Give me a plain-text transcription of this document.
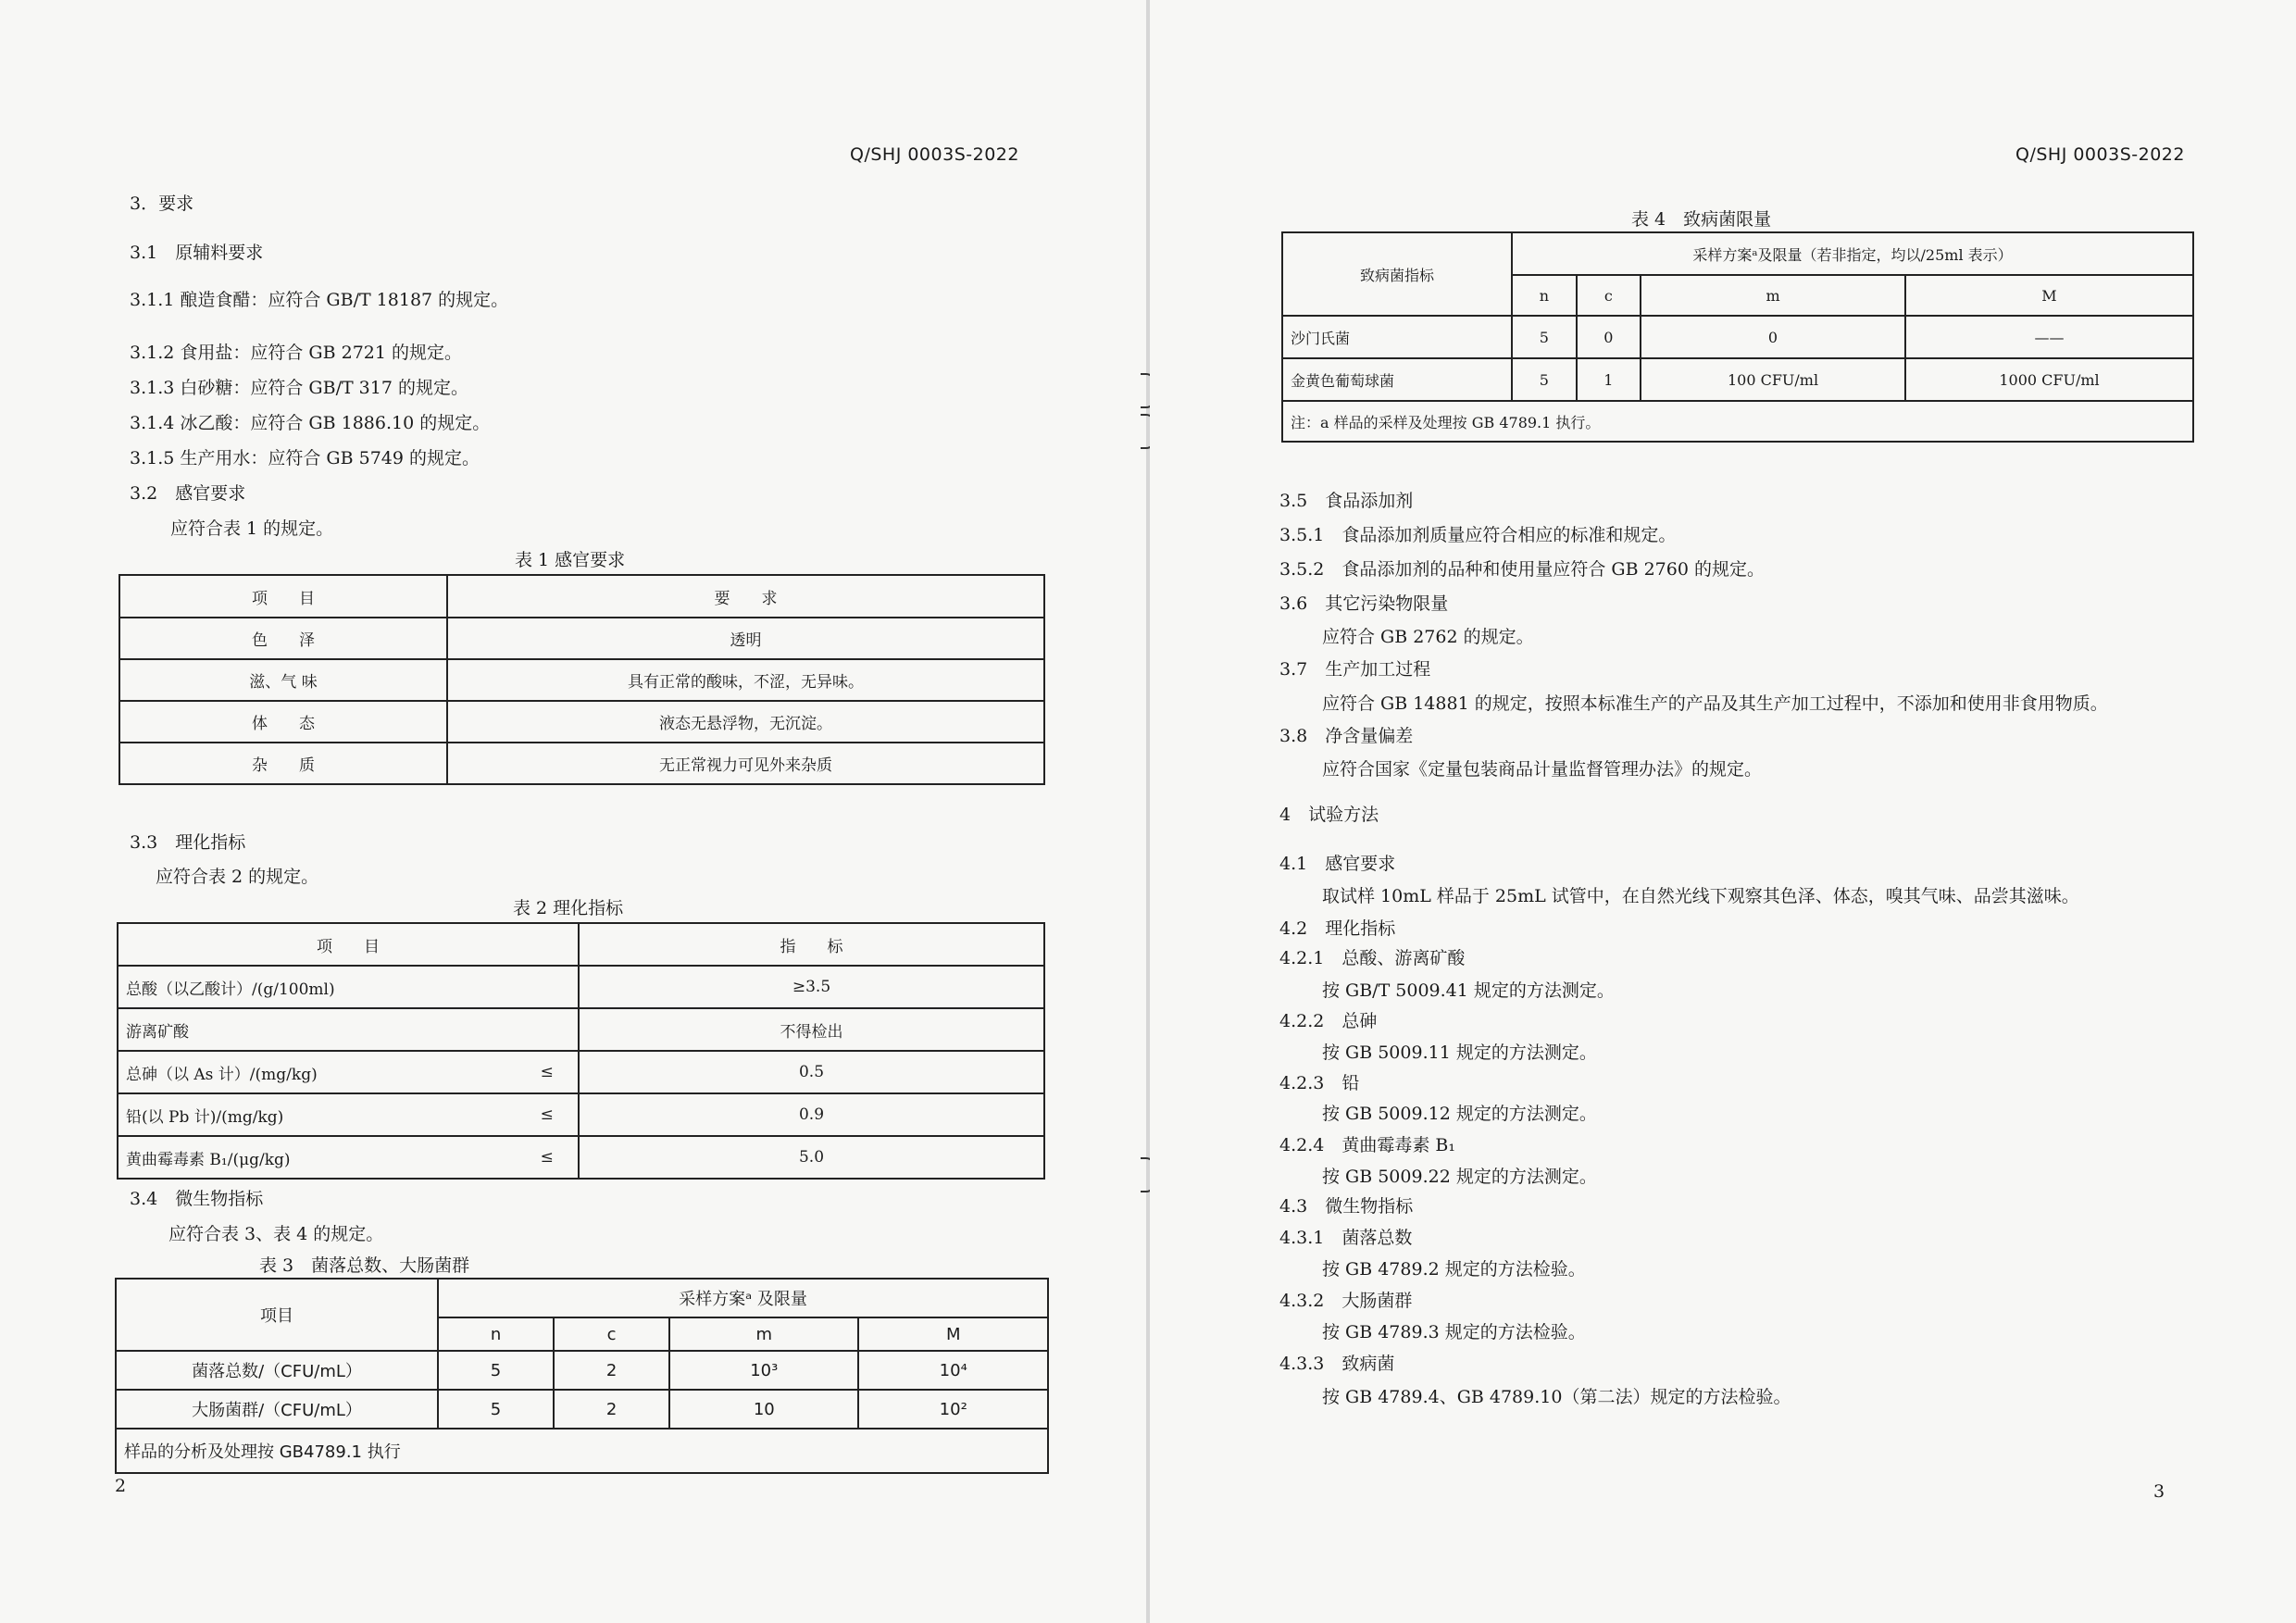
Q/SHJ 0003S-2022
3．要求
3.1　原辅料要求
3.1.1 酿造食醋：应符合 GB/T 18187 的规定。
3.1.2 食用盐：应符合 GB 2721 的规定。
3.1.3 白砂糖：应符合 GB/T 317 的规定。
3.1.4 冰乙酸：应符合 GB 1886.10 的规定。
3.1.5 生产用水：应符合 GB 5749 的规定。
3.2　感官要求
应符合表 1 的规定。
表 1 感官要求
项　　目	要　　求
色　　泽	透明
滋、气 味	具有正常的酸味，不涩，无异味。
体　　态	液态无悬浮物，无沉淀。
杂　　质	无正常视力可见外来杂质
3.3　理化指标
应符合表 2 的规定。
表 2 理化指标
项　　目		指　　标
总酸（以乙酸计）/(g/100ml)		≥3.5
游离矿酸		不得检出
总砷（以 As 计）/(mg/kg)	≤	0.5
铅(以 Pb 计)/(mg/kg)	≤	0.9
黄曲霉毒素 B₁/(μg/kg)	≤	5.0
3.4　微生物指标
应符合表 3、表 4 的规定。
表 3　菌落总数、大肠菌群
项目	采样方案ᵃ 及限量			
	n	c	m	M
菌落总数/（CFU/mL）	5	2	10³	10⁴
大肠菌群/（CFU/mL）	5	2	10	10²
样品的分析及处理按 GB4789.1 执行				
2
Q/SHJ 0003S-2022
表 4　致病菌限量
致病菌指标	采样方案ᵃ及限量（若非指定，均以/25ml 表示）			
	n	c	m	M
沙门氏菌	5	0	0	——
金黄色葡萄球菌	5	1	100 CFU/ml	1000 CFU/ml
注：a 样品的采样及处理按 GB 4789.1 执行。				
3.5　食品添加剂
3.5.1　食品添加剂质量应符合相应的标准和规定。
3.5.2　食品添加剂的品种和使用量应符合 GB 2760 的规定。
3.6　其它污染物限量
应符合 GB 2762 的规定。
3.7　生产加工过程
应符合 GB 14881 的规定，按照本标准生产的产品及其生产加工过程中，不添加和使用非食用物质。
3.8　净含量偏差
应符合国家《定量包装商品计量监督管理办法》的规定。
4　试验方法
4.1　感官要求
取试样 10mL 样品于 25mL 试管中，在自然光线下观察其色泽、体态，嗅其气味、品尝其滋味。
4.2　理化指标
4.2.1　总酸、游离矿酸
按 GB/T 5009.41 规定的方法测定。
4.2.2　总砷
按 GB 5009.11 规定的方法测定。
4.2.3　铅
按 GB 5009.12 规定的方法测定。
4.2.4　黄曲霉毒素 B₁
按 GB 5009.22 规定的方法测定。
4.3　微生物指标
4.3.1　菌落总数
按 GB 4789.2 规定的方法检验。
4.3.2　大肠菌群
按 GB 4789.3 规定的方法检验。
4.3.3　致病菌
按 GB 4789.4、GB 4789.10（第二法）规定的方法检验。
3
